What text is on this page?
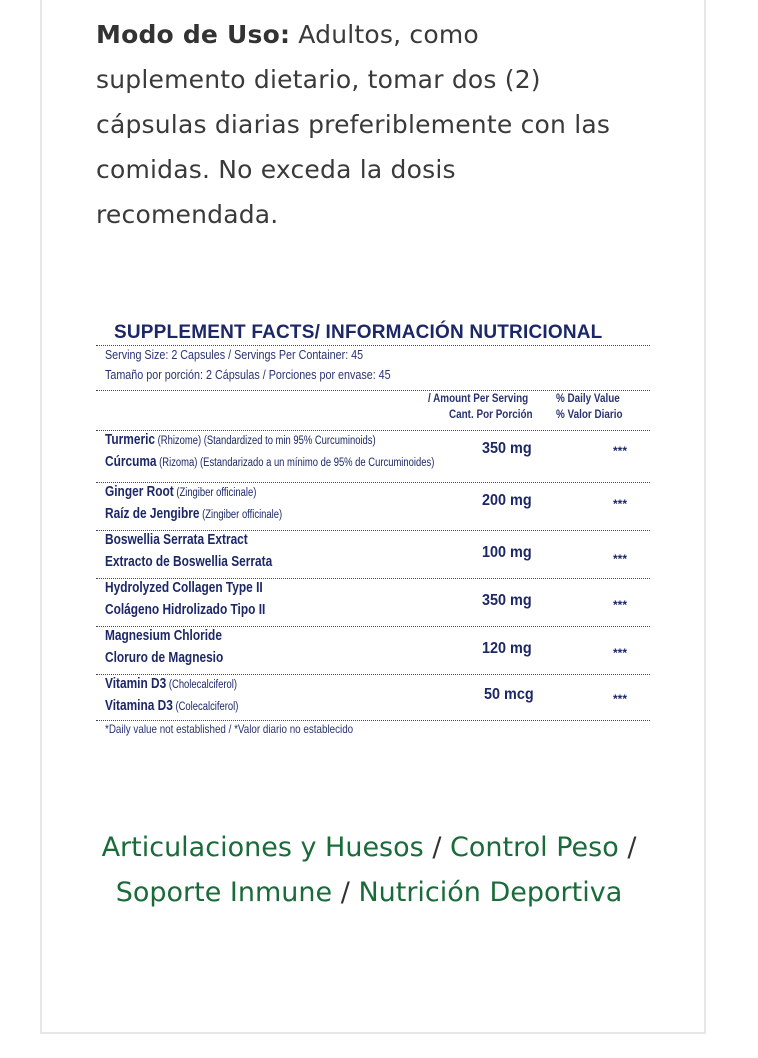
Modo de Uso: Adultos, como suplemento dietario, tomar dos (2) cápsulas diarias preferiblemente con las comidas. No exceda la dosis recomendada.

SUPPLEMENT FACTS/ INFORMACIÓN NUTRICIONAL
Serving Size: 2 Capsules / Servings Per Container: 45
Tamaño por porción: 2 Cápsulas / Porciones por envase: 45
/ Amount Per Serving % Daily Value
Cant. Por Porción % Valor Diario
Turmeric (Rhizome) (Standardized to min 95% Curcuminoids)
Cúrcuma (Rizoma) (Estandarizado a un mínimo de 95% de Curcuminoides)
350 mg	***
Ginger Root (Zingiber officinale)
Raíz de Jengibre (Zingiber officinale)
200 mg	***
Boswellia Serrata Extract
Extracto de Boswellia Serrata
100 mg	***
Hydrolyzed Collagen Type II
Colágeno Hidrolizado Tipo II
350 mg	***
Magnesium Chloride
Cloruro de Magnesio
120 mg	***
Vitamin D3 (Cholecalciferol)
Vitamina D3 (Colecalciferol)
50 mcg	***
*Daily value not established / *Valor diario no establecido
Articulaciones y Huesos / Control Peso / Soporte Inmune / Nutrición Deportiva
